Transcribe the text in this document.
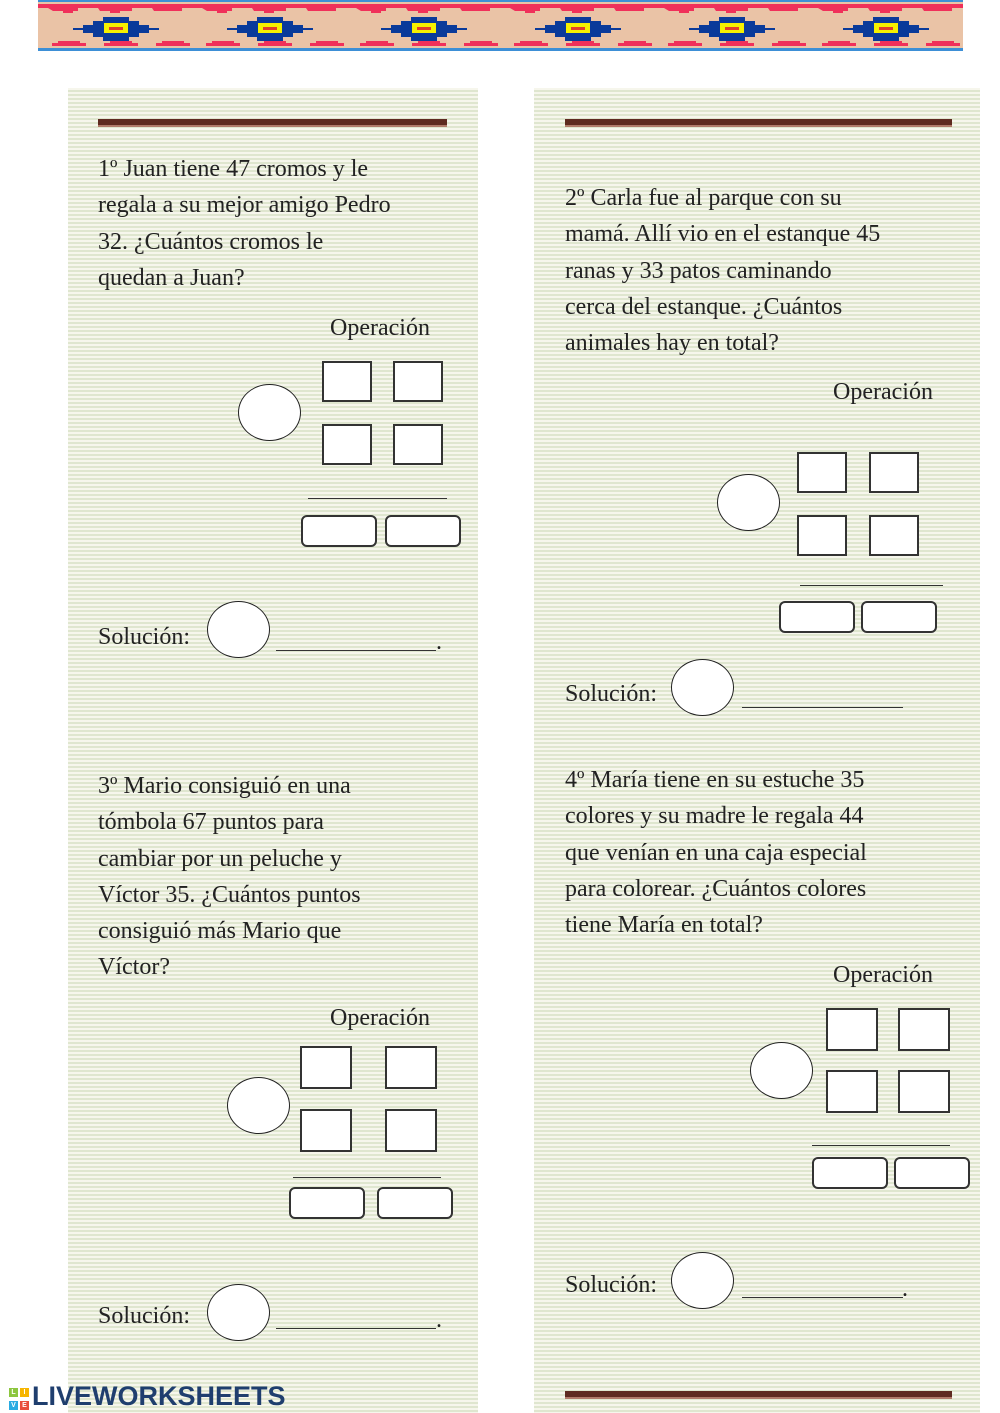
1º Juan tiene 47 cromos y le
regala a su mejor amigo Pedro
32. ¿Cuántos cromos le
quedan a Juan?
Operación
Solución:	.
2º Carla fue al parque con su
mamá. Allí vio en el estanque 45
ranas y 33 patos caminando
cerca del estanque. ¿Cuántos
animales hay en total?
Operación
Solución:
3º Mario consiguió en una
tómbola 67 puntos para
cambiar por un peluche y
Víctor 35. ¿Cuántos puntos
consiguió más Mario que
Víctor?
Operación
Solución:	.
4º María tiene en su estuche 35
colores y su madre le regala 44
que venían en una caja especial
para colorear. ¿Cuántos colores
tiene María en total?
Operación
Solución:	.
L IV E LIVEWORKSHEETS
